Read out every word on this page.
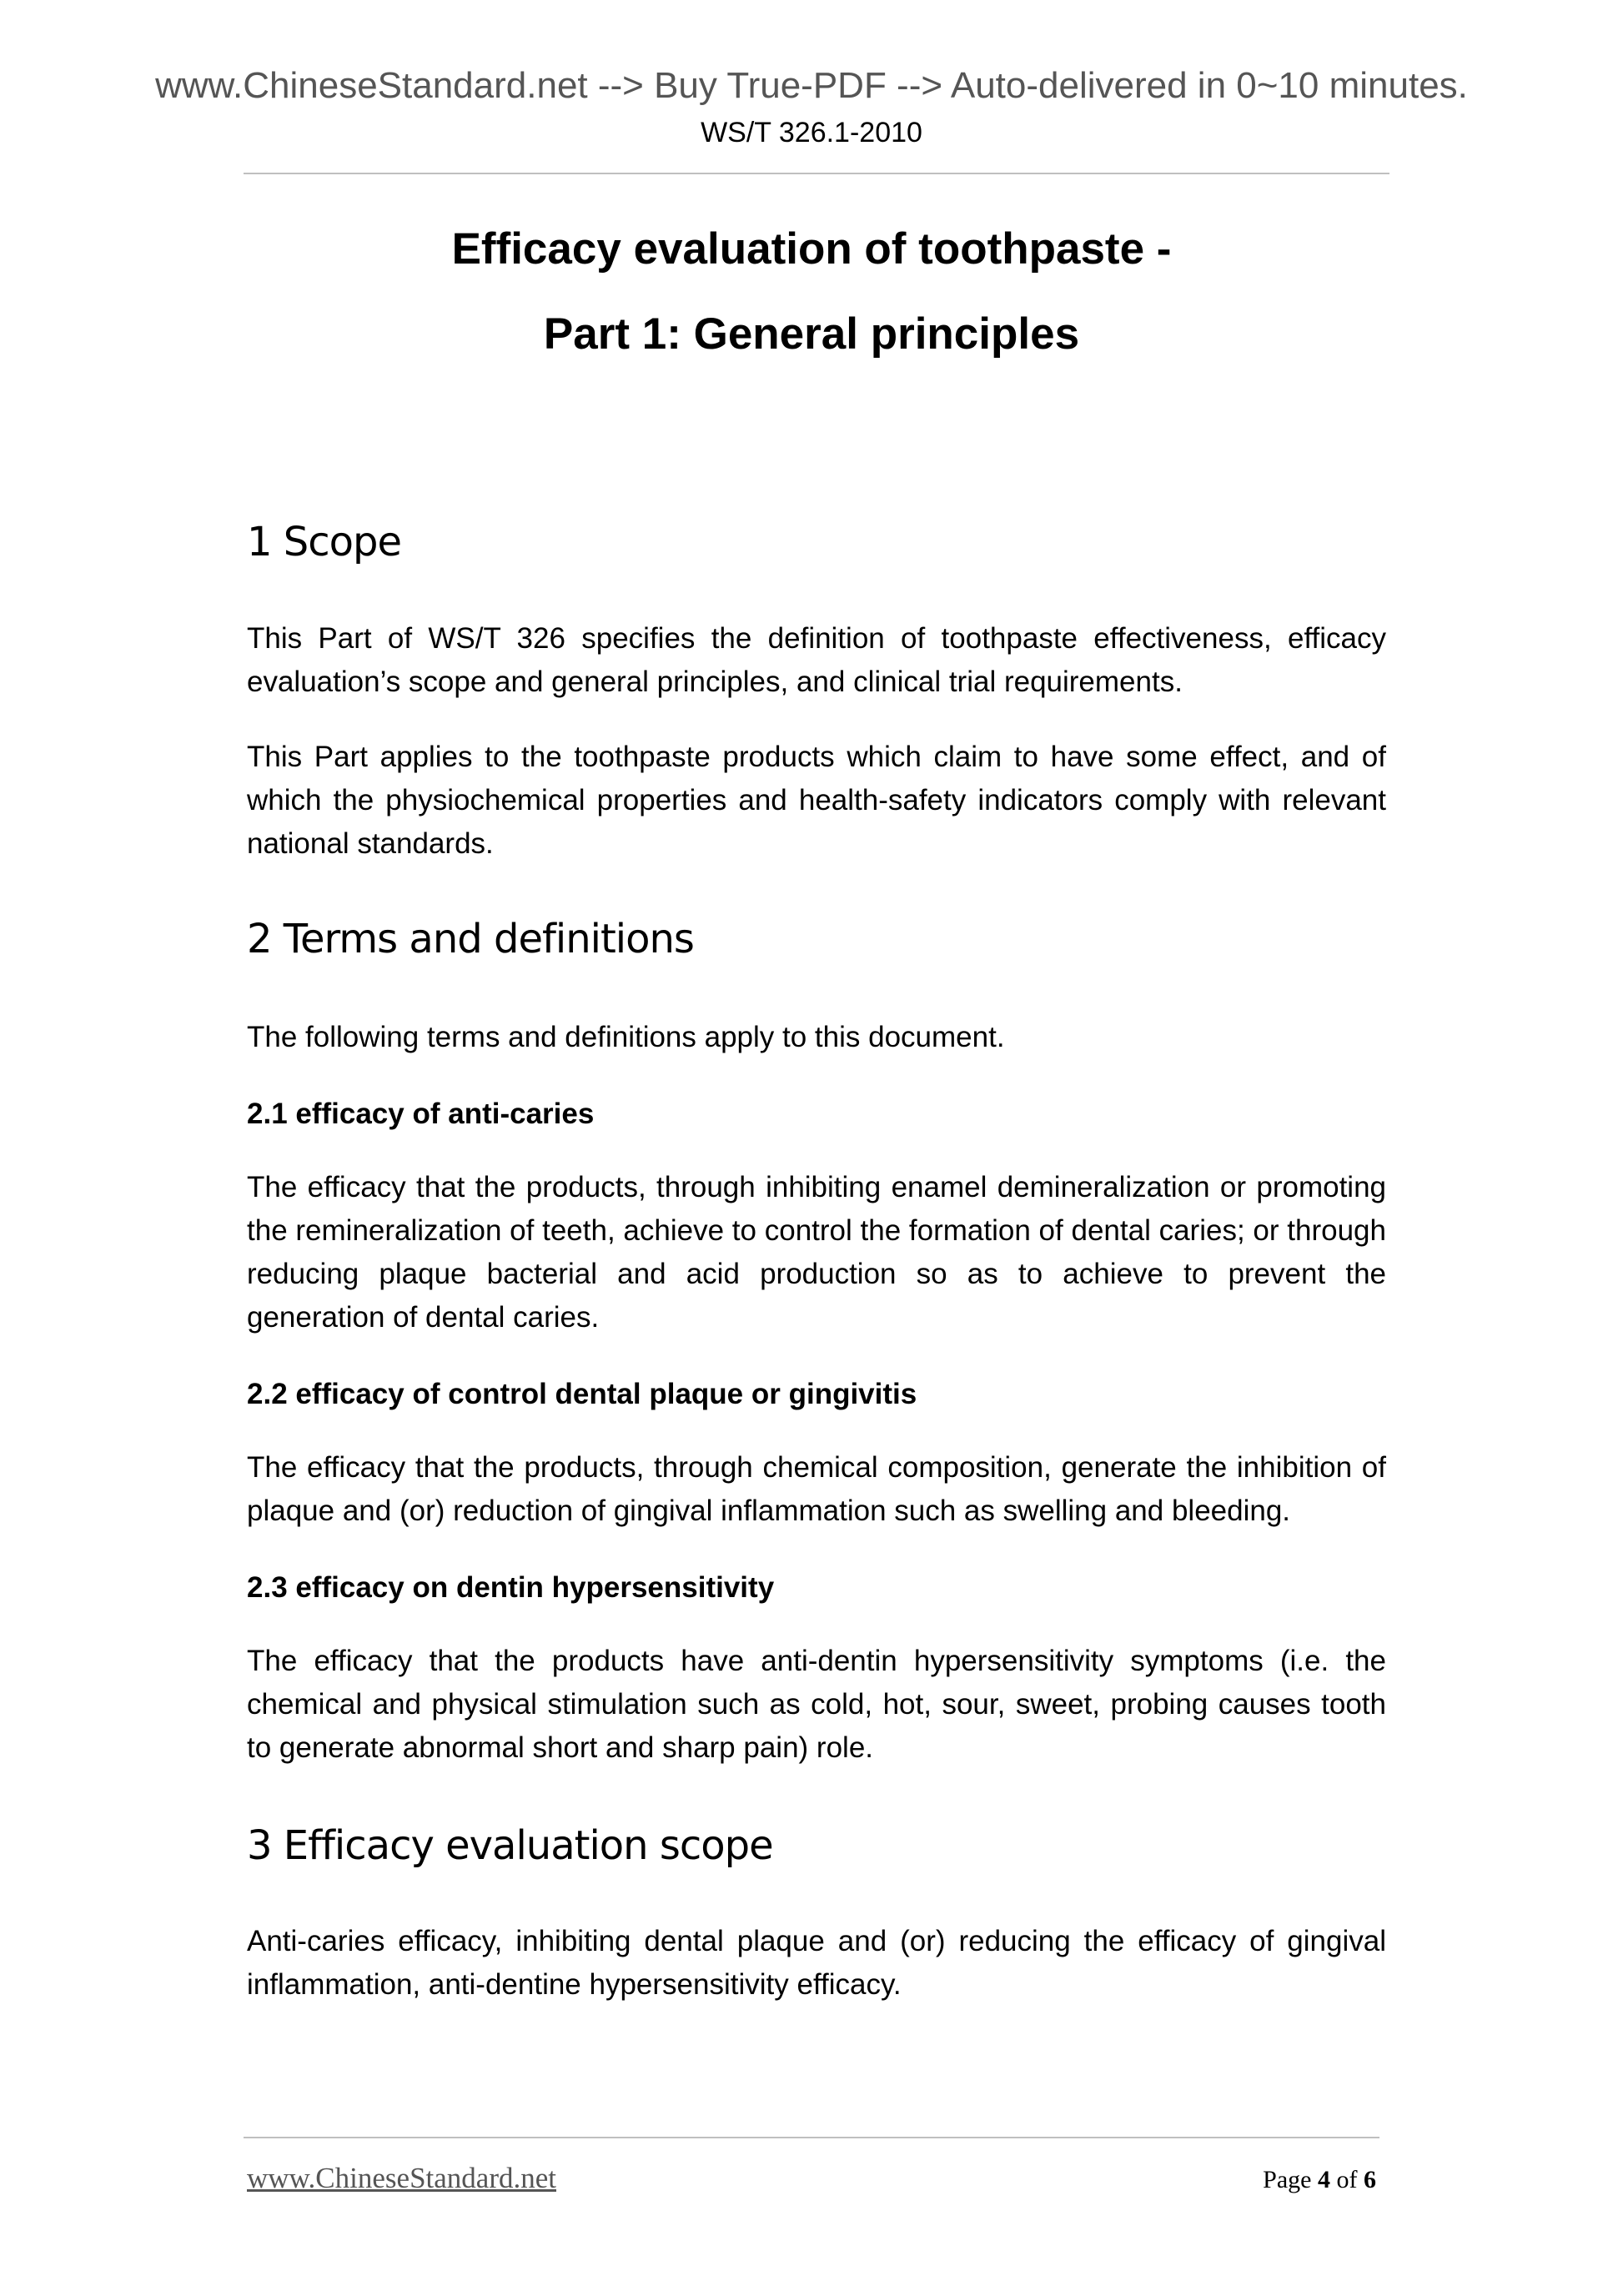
www.ChineseStandard.net --> Buy True-PDF --> Auto-delivered in 0~10 minutes.
WS/T 326.1-2010
Efficacy evaluation of toothpaste -
Part 1: General principles
1 Scope
This Part of WS/T 326 specifies the definition of toothpaste effectiveness, efficacy evaluation’s scope and general principles, and clinical trial requirements.
This Part applies to the toothpaste products which claim to have some effect, and of which the physiochemical properties and health-safety indicators comply with relevant national standards.
2 Terms and definitions
The following terms and definitions apply to this document.
2.1 efficacy of anti-caries
The efficacy that the products, through inhibiting enamel demineralization or promoting the remineralization of teeth, achieve to control the formation of dental caries; or through reducing plaque bacterial and acid production so as to achieve to prevent the generation of dental caries.
2.2 efficacy of control dental plaque or gingivitis
The efficacy that the products, through chemical composition, generate the inhibition of plaque and (or) reduction of gingival inflammation such as swelling and bleeding.
2.3 efficacy on dentin hypersensitivity
The efficacy that the products have anti-dentin hypersensitivity symptoms (i.e. the chemical and physical stimulation such as cold, hot, sour, sweet, probing causes tooth to generate abnormal short and sharp pain) role.
3 Efficacy evaluation scope
Anti-caries efficacy, inhibiting dental plaque and (or) reducing the efficacy of gingival inflammation, anti-dentine hypersensitivity efficacy.
www.ChineseStandard.net	Page 4 of 6
